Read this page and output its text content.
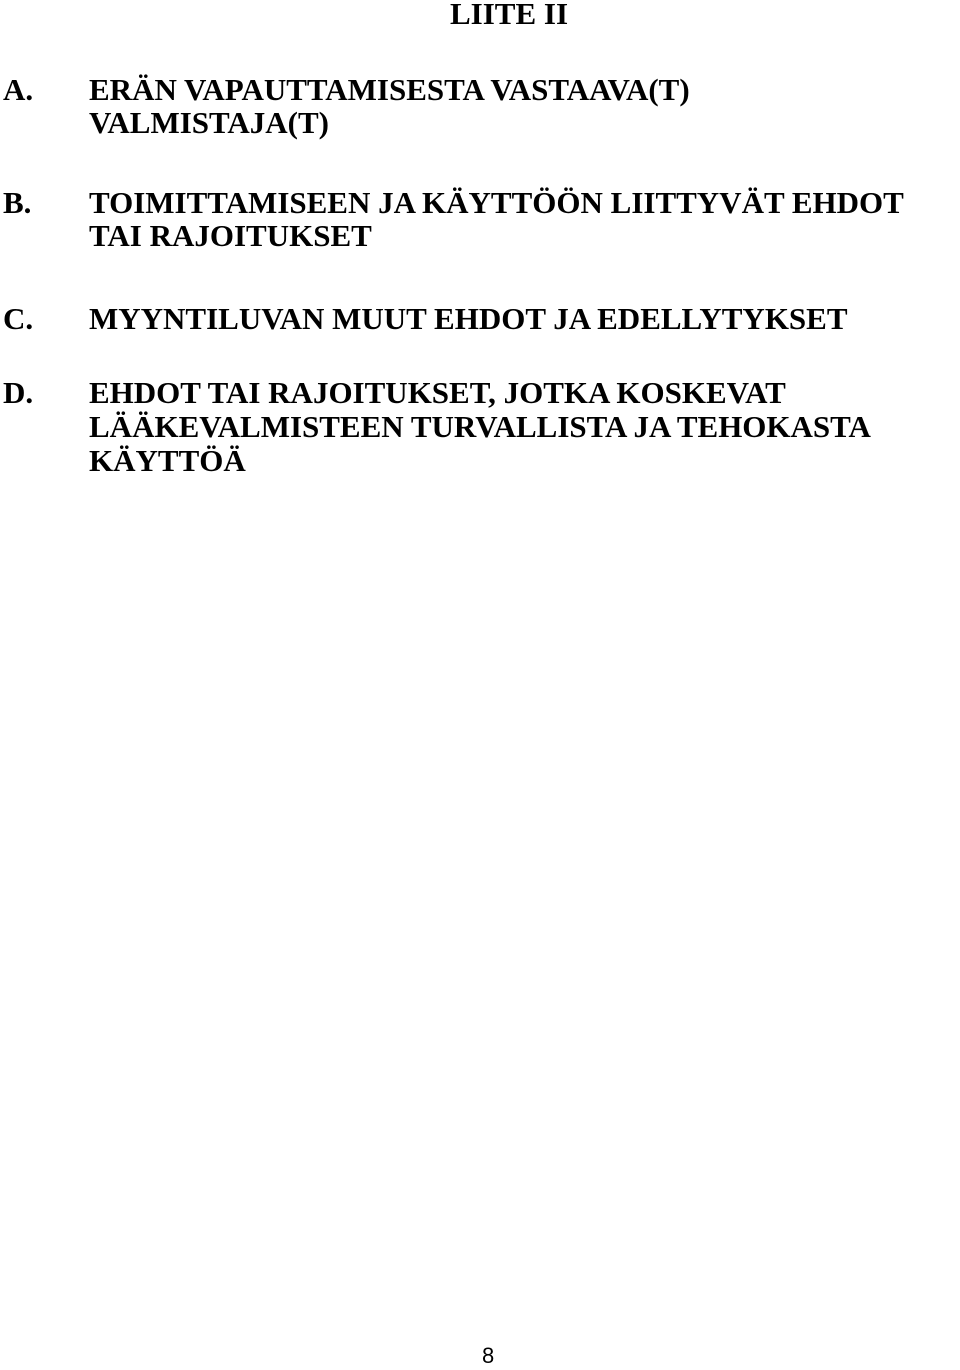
LIITE II
A. ERÄN VAPAUTTAMISESTA VASTAAVA(T)
VALMISTAJA(T)
B. TOIMITTAMISEEN JA KÄYTTÖÖN LIITTYVÄT EHDOT
TAI RAJOITUKSET
C. MYYNTILUVAN MUUT EHDOT JA EDELLYTYKSET
D. EHDOT TAI RAJOITUKSET, JOTKA KOSKEVAT
LÄÄKEVALMISTEEN TURVALLISTA JA TEHOKASTA
KÄYTTÖÄ
8
